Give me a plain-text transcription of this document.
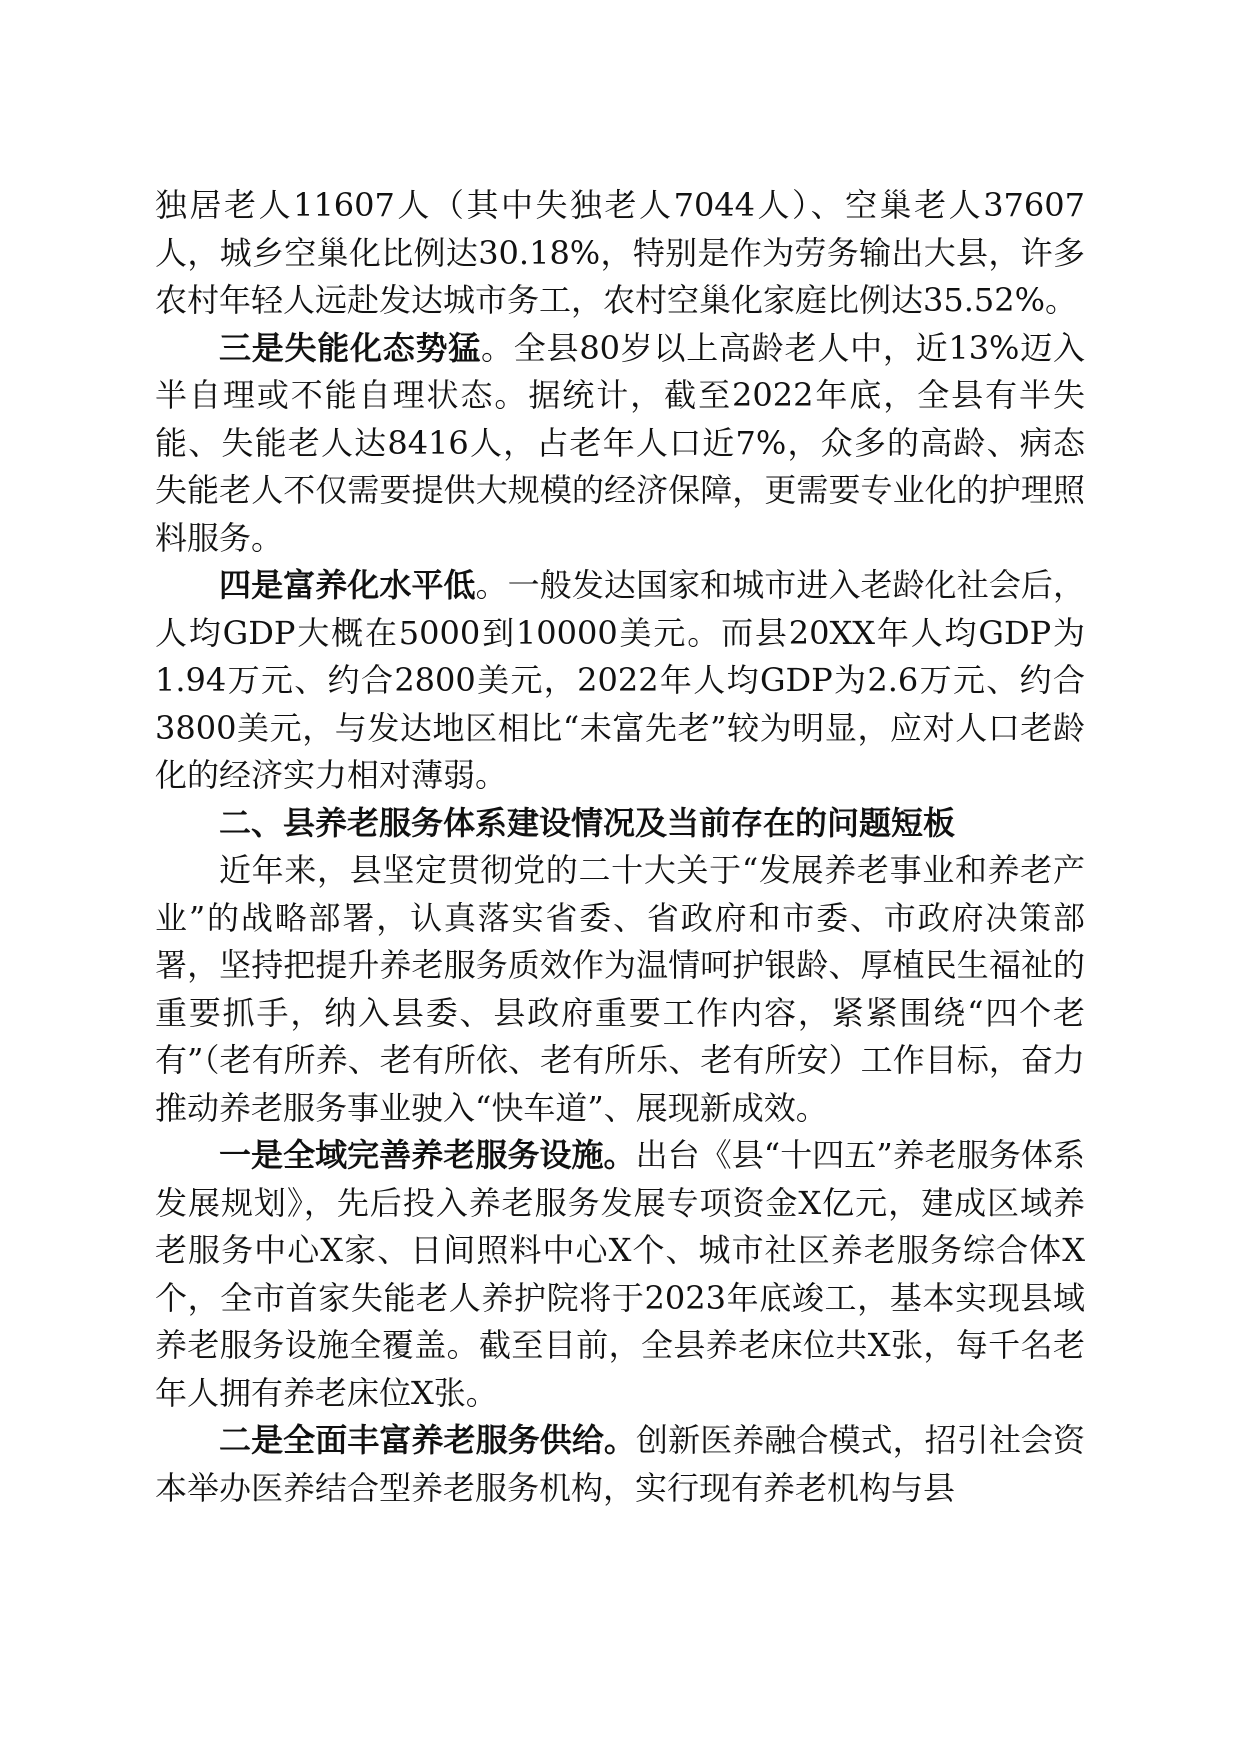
独居老人11607人（其中失独老人7044人）、空巢老人37607人，城乡空巢化比例达30.18%，特别是作为劳务输出大县，许多农村年轻人远赴发达城市务工，农村空巢化家庭比例达35.52%。

三是失能化态势猛。全县80岁以上高龄老人中，近13%迈入半自理或不能自理状态。据统计，截至2022年底，全县有半失能、失能老人达8416人，占老年人口近7%，众多的高龄、病态失能老人不仅需要提供大规模的经济保障，更需要专业化的护理照料服务。

四是富养化水平低。一般发达国家和城市进入老龄化社会后，人均GDP大概在5000到10000美元。而县20XX年人均GDP为1.94万元、约合2800美元，2022年人均GDP为2.6万元、约合3800美元，与发达地区相比“未富先老”较为明显，应对人口老龄化的经济实力相对薄弱。

二、县养老服务体系建设情况及当前存在的问题短板

近年来，县坚定贯彻党的二十大关于“发展养老事业和养老产业”的战略部署，认真落实省委、省政府和市委、市政府决策部署，坚持把提升养老服务质效作为温情呵护银龄、厚植民生福祉的重要抓手，纳入县委、县政府重要工作内容，紧紧围绕“四个老有”（老有所养、老有所依、老有所乐、老有所安）工作目标，奋力推动养老服务事业驶入“快车道”、展现新成效。

一是全域完善养老服务设施。出台《县“十四五”养老服务体系发展规划》，先后投入养老服务发展专项资金X亿元，建成区域养老服务中心X家、日间照料中心X个、城市社区养老服务综合体X个，全市首家失能老人养护院将于2023年底竣工，基本实现县域养老服务设施全覆盖。截至目前，全县养老床位共X张，每千名老年人拥有养老床位X张。

二是全面丰富养老服务供给。创新医养融合模式，招引社会资本举办医养结合型养老服务机构，实行现有养老机构与县
